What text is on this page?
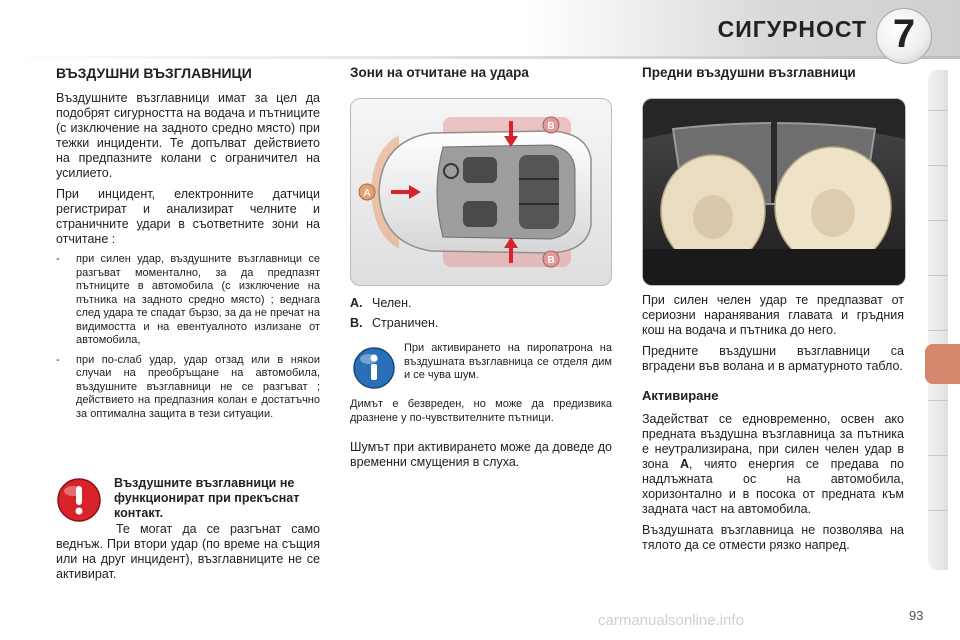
СИГУРНОСТ 7
ВЪЗДУШНИ ВЪЗГЛАВНИЦИ

Въздушните възглавници имат за цел да подобрят сигурността на водача и пътниците (с изключение на задното средно място) при тежки инциденти. Те допълват действието на предпазните колани с ограничител на усилието.

При инцидент, електронните датчици регистрират и анализират челните и страничните удари в съответните зони на отчитане :

-	при силен удар, въздушните възглавници се разгъват моментално, за да предпазят пътниците в автомобила (с изключение на пътника на задното средно място) ; веднага след удара те спадат бързо, за да не пречат на видимостта и на евентуалното излизане от автомобила,
-	при по-слаб удар, удар отзад или в някои случаи на преобръщане на автомобила, въздушните възглавници не се разгъват ; действието на предпазния колан е достатъчно за оптимална защита в тези ситуации.
Въздушните възглавници не функционират при прекъснат контакт.

Те могат да се разгънат само веднъж. При втори удар (по време на същия или на друг инцидент), възглавниците не се активират.

Зони на отчитане на удара
A
B
B
A. Челен.
B. Страничен.

При активирането на пиропатрона на въздушната възглавница се отделя дим и се чува шум.

Димът е безвреден, но може да предизвика дразнене у по-чувствителните пътници.

Шумът при активирането може да доведе до временни смущения в слуха.

Предни въздушни възглавници

При силен челен удар те предпазват от сериозни наранявания главата и гръдния кош на водача и пътника до него.

Предните въздушни възглавници са вградени във волана и в арматурното табло.

Активиране

Задействат се едновременно, освен ако предната въздушна възглавница за пътника е неутрализирана, при силен челен удар в зона A, чиято енергия се предава по надлъжната ос на автомобила, хоризонтално и в посока от предната към задната част на автомобила.

Въздушната възглавница не позволява на тялото да се отмести рязко напред.

93
carmanualsonline.info
